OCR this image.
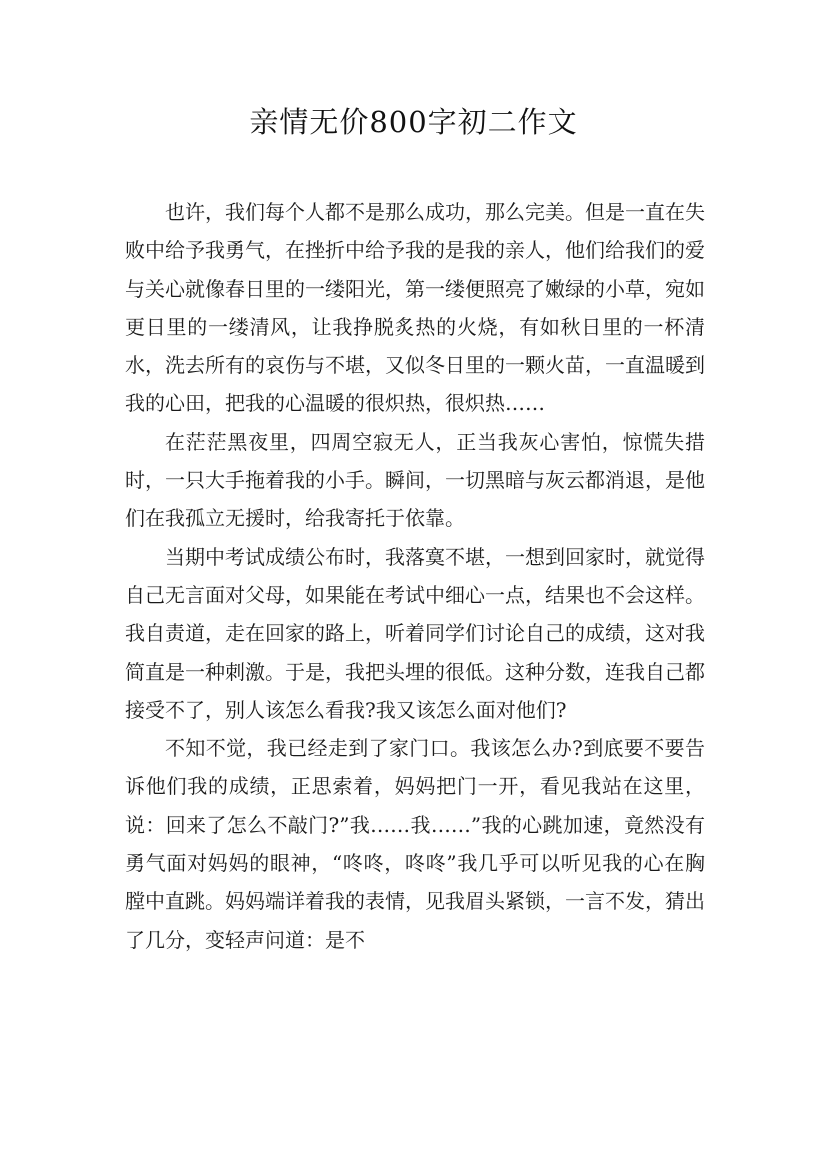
亲情无价800字初二作文

也许，我们每个人都不是那么成功，那么完美。但是一直在失败中给予我勇气，在挫折中给予我的是我的亲人，他们给我们的爱与关心就像春日里的一缕阳光，第一缕便照亮了嫩绿的小草，宛如更日里的一缕清风，让我挣脱炙热的火烧，有如秋日里的一杯清水，洗去所有的哀伤与不堪，又似冬日里的一颗火苗，一直温暖到我的心田，把我的心温暖的很炽热，很炽热……

在茫茫黑夜里，四周空寂无人，正当我灰心害怕，惊慌失措时，一只大手拖着我的小手。瞬间，一切黑暗与灰云都消退，是他们在我孤立无援时，给我寄托于依靠。

当期中考试成绩公布时，我落寞不堪，一想到回家时，就觉得自己无言面对父母，如果能在考试中细心一点，结果也不会这样。我自责道，走在回家的路上，听着同学们讨论自己的成绩，这对我简直是一种刺激。于是，我把头埋的很低。这种分数，连我自己都接受不了，别人该怎么看我?我又该怎么面对他们?

不知不觉，我已经走到了家门口。我该怎么办?到底要不要告诉他们我的成绩，正思索着，妈妈把门一开，看见我站在这里，说：回来了怎么不敲门?”我……我……”我的心跳加速，竟然没有勇气面对妈妈的眼神，“咚咚，咚咚”我几乎可以听见我的心在胸膛中直跳。妈妈端详着我的表情，见我眉头紧锁，一言不发，猜出了几分，变轻声问道：是不
